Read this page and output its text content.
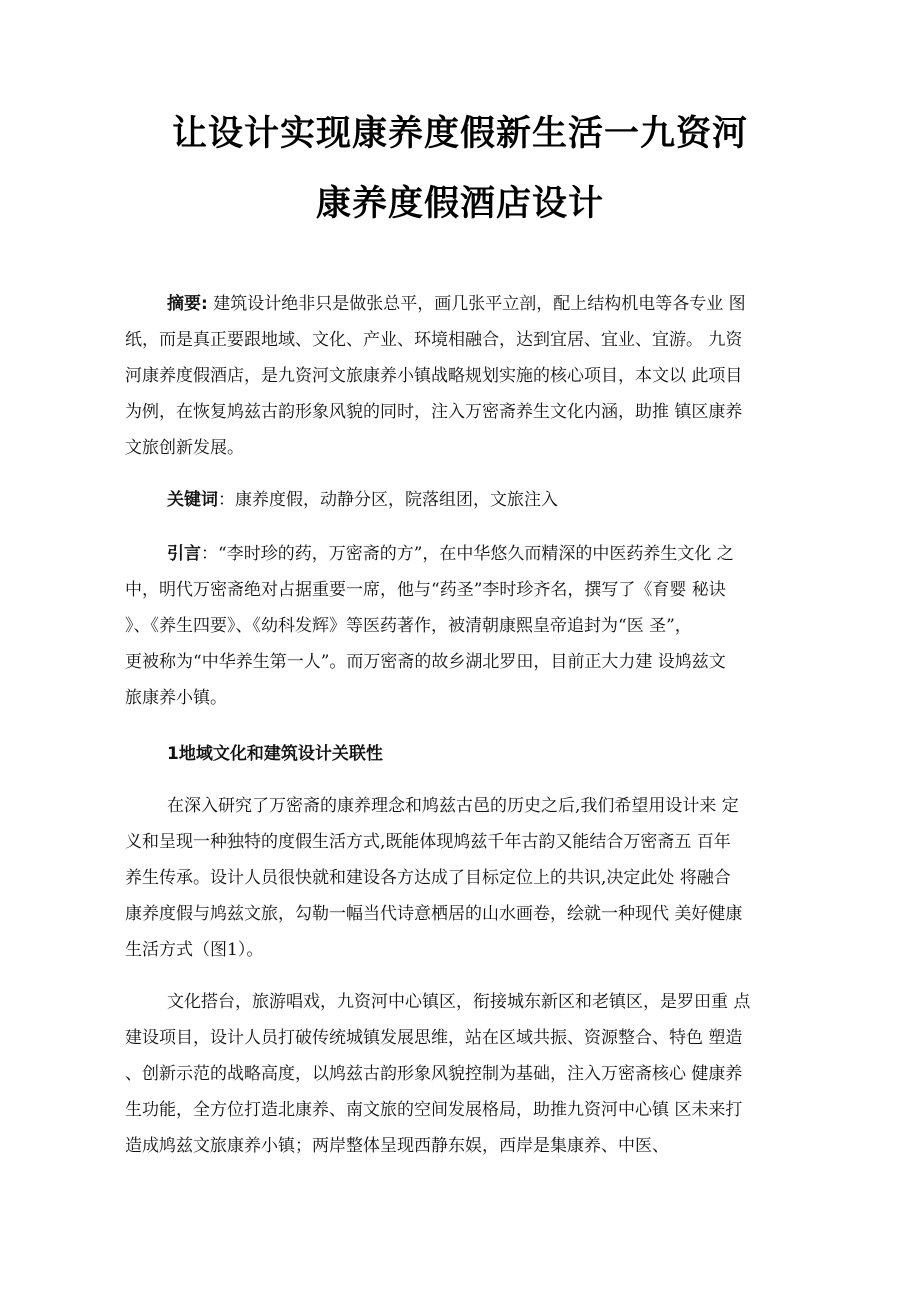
让设计实现康养度假新生活一九资河
康养度假酒店设计
摘要: 建筑设计绝非只是做张总平，画几张平立剖，配上结构机电等各专业 图
纸，而是真正要跟地域、文化、产业、环境相融合，达到宜居、宜业、宜游。 九资
河康养度假酒店，是九资河文旅康养小镇战略规划实施的核心项目，本文以 此项目
为例，在恢复鸠兹古韵形象风貌的同时，注入万密斋养生文化内涵，助推 镇区康养
文旅创新发展。
关键词：康养度假，动静分区，院落组团，文旅注入
引言：“李时珍的药，万密斋的方”，在中华悠久而精深的中医药养生文化 之
中，明代万密斋绝对占据重要一席，他与“药圣”李时珍齐名，撰写了《育婴 秘诀
》、《养生四要》、《幼科发辉》等医药著作，被清朝康熙皇帝追封为“医 圣”，
更被称为“中华养生第一人”。而万密斋的故乡湖北罗田，目前正大力建 设鸠兹文
旅康养小镇。
1地域文化和建筑设计关联性
在深入研究了万密斋的康养理念和鸠兹古邑的历史之后,我们希望用设计来 定
义和呈现一种独特的度假生活方式,既能体现鸠兹千年古韵又能结合万密斋五 百年
养生传承。设计人员很快就和建设各方达成了目标定位上的共识,决定此处 将融合
康养度假与鸠兹文旅，勾勒一幅当代诗意栖居的山水画卷，绘就一种现代 美好健康
生活方式（图1）。
文化搭台，旅游唱戏，九资河中心镇区，衔接城东新区和老镇区，是罗田重 点
建设项目，设计人员打破传统城镇发展思维，站在区域共振、资源整合、特色 塑造
、创新示范的战略高度，以鸠兹古韵形象风貌控制为基础，注入万密斋核心 健康养
生功能，全方位打造北康养、南文旅的空间发展格局，助推九资河中心镇 区未来打
造成鸠兹文旅康养小镇；两岸整体呈现西静东娱，西岸是集康养、中医、
